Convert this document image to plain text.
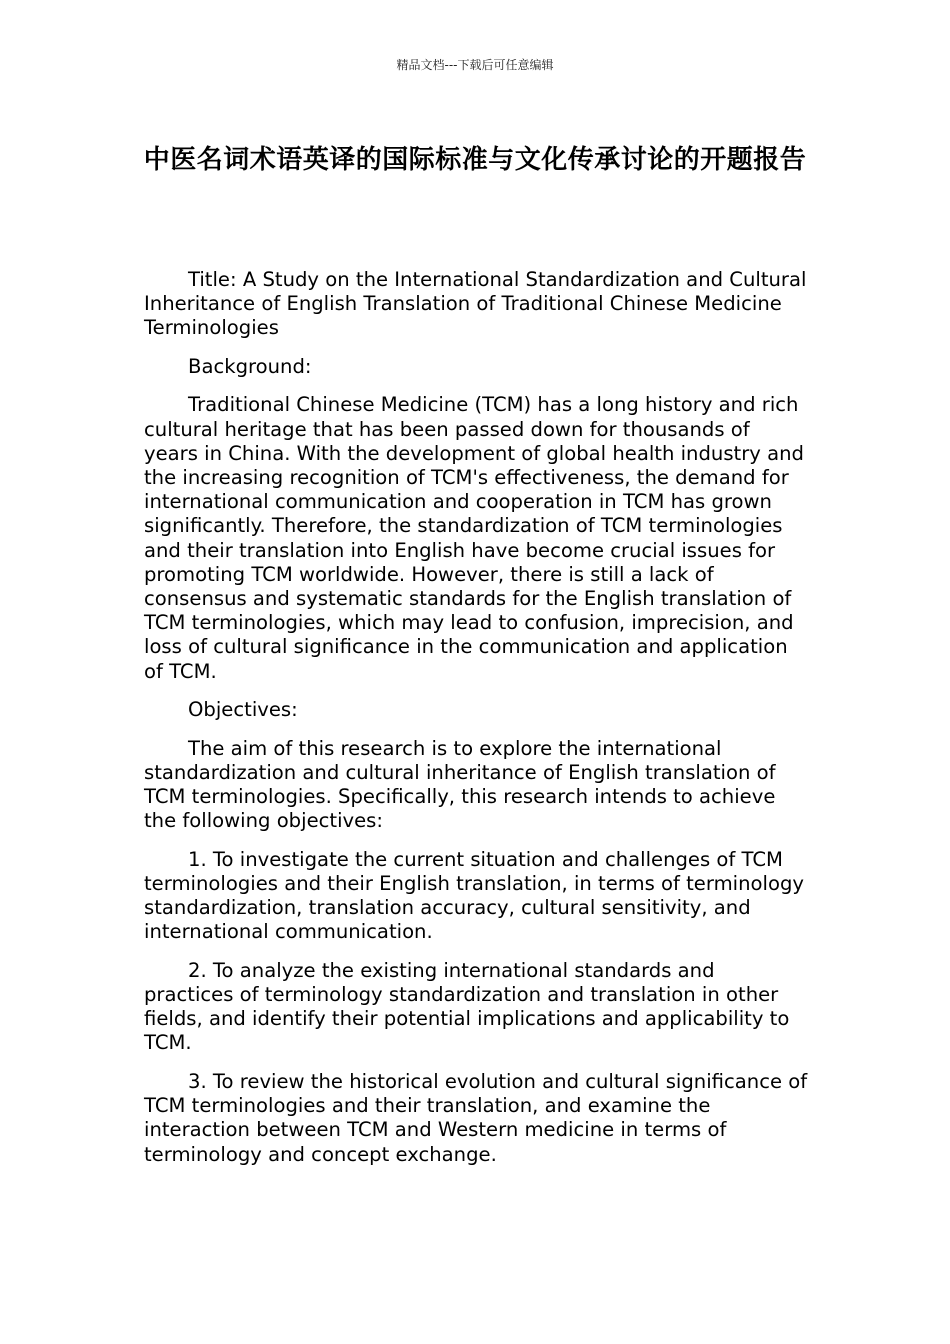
精品文档---下载后可任意编辑
中医名词术语英译的国际标准与文化传承讨论的开题报告

Title: A Study on the International Standardization and Cultural Inheritance of English Translation of Traditional Chinese Medicine Terminologies

Background:

Traditional Chinese Medicine (TCM) has a long history and rich cultural heritage that has been passed down for thousands of years in China. With the development of global health industry and the increasing recognition of TCM's effectiveness, the demand for international communication and cooperation in TCM has grown significantly. Therefore, the standardization of TCM terminologies and their translation into English have become crucial issues for promoting TCM worldwide. However, there is still a lack of consensus and systematic standards for the English translation of TCM terminologies, which may lead to confusion, imprecision, and loss of cultural significance in the communication and application of TCM.

Objectives:

The aim of this research is to explore the international standardization and cultural inheritance of English translation of TCM terminologies. Specifically, this research intends to achieve the following objectives:

1. To investigate the current situation and challenges of TCM terminologies and their English translation, in terms of terminology standardization, translation accuracy, cultural sensitivity, and international communication.

2. To analyze the existing international standards and practices of terminology standardization and translation in other fields, and identify their potential implications and applicability to TCM.

3. To review the historical evolution and cultural significance of TCM terminologies and their translation, and examine the interaction between TCM and Western medicine in terms of terminology and concept exchange.
